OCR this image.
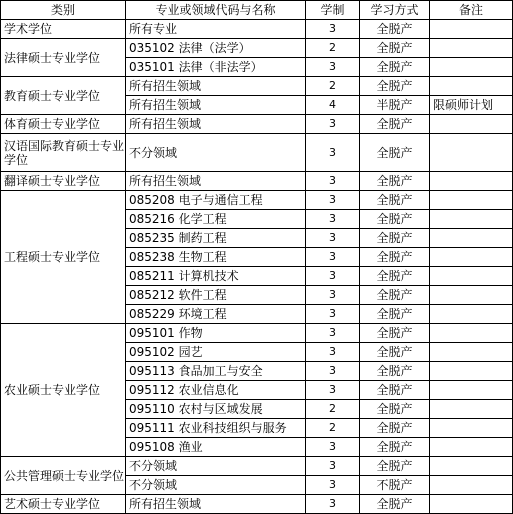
类别	专业或领域代码与名称	学制	学习方式	备注
学术学位	所有专业	3	全脱产	
法律硕士专业学位	035102 法律（法学）	2	全脱产	
	035101 法律（非法学）	3	全脱产	
教育硕士专业学位	所有招生领域	2	全脱产	
	所有招生领域	4	半脱产	限硕师计划
体育硕士专业学位	所有招生领域	3	全脱产	
汉语国际教育硕士专业学位	不分领域	3	全脱产	
翻译硕士专业学位	所有招生领域	3	全脱产	
工程硕士专业学位	085208 电子与通信工程	3	全脱产	
	085216 化学工程	3	全脱产	
	085235 制药工程	3	全脱产	
	085238 生物工程	3	全脱产	
	085211 计算机技术	3	全脱产	
	085212 软件工程	3	全脱产	
	085229 环境工程	3	全脱产	
农业硕士专业学位	095101 作物	3	全脱产	
	095102 园艺	3	全脱产	
	095113 食品加工与安全	3	全脱产	
	095112 农业信息化	3	全脱产	
	095110 农村与区域发展	2	全脱产	
	095111 农业科技组织与服务	2	全脱产	
	095108 渔业	3	全脱产	
公共管理硕士专业学位	不分领域	3	全脱产	
	不分领域	3	不脱产	
艺术硕士专业学位	所有招生领域	3	全脱产	
